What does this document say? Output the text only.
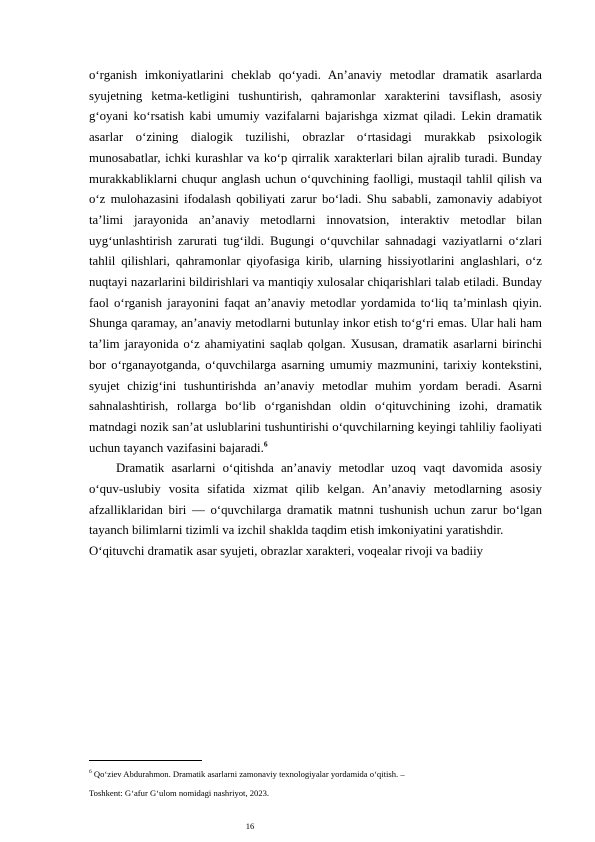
o‘rganish imkoniyatlarini cheklab qo‘yadi. An’anaviy metodlar dramatik asarlarda syujetning ketma-ketligini tushuntirish, qahramonlar xarakterini tavsiflash, asosiy g‘oyani ko‘rsatish kabi umumiy vazifalarni bajarishga xizmat qiladi. Lekin dramatik asarlar o‘zining dialogik tuzilishi, obrazlar o‘rtasidagi murakkab psixologik munosabatlar, ichki kurashlar va ko‘p qirralik xarakterlari bilan ajralib turadi. Bunday murakkabliklarni chuqur anglash uchun o‘quvchining faolligi, mustaqil tahlil qilish va o‘z mulohazasini ifodalash qobiliyati zarur bo‘ladi. Shu sababli, zamonaviy adabiyot ta’limi jarayonida an’anaviy metodlarni innovatsion, interaktiv metodlar bilan uyg‘unlashtirish zarurati tug‘ildi. Bugungi o‘quvchilar sahnadagi vaziyatlarni o‘zlari tahlil qilishlari, qahramonlar qiyofasiga kirib, ularning hissiyotlarini anglashlari, o‘z nuqtayi nazarlarini bildirishlari va mantiqiy xulosalar chiqarishlari talab etiladi. Bunday faol o‘rganish jarayonini faqat an’anaviy metodlar yordamida to‘liq ta’minlash qiyin. Shunga qaramay, an’anaviy metodlarni butunlay inkor etish to‘g‘ri emas. Ular hali ham ta’lim jarayonida o‘z ahamiyatini saqlab qolgan. Xususan, dramatik asarlarni birinchi bor o‘rganayotganda, o‘quvchilarga asarning umumiy mazmunini, tarixiy kontekstini, syujet chizig‘ini tushuntirishda an’anaviy metodlar muhim yordam beradi. Asarni sahnalashtirish, rollarga bo‘lib o‘rganishdan oldin o‘qituvchining izohi, dramatik matndagi nozik san’at uslublarini tushuntirishi o‘quvchilarning keyingi tahliliy faoliyati uchun tayanch vazifasini bajaradi.$^6$

Dramatik asarlarni o‘qitishda an’anaviy metodlar uzoq vaqt davomida asosiy o‘quv-uslubiy vosita sifatida xizmat qilib kelgan. An’anaviy metodlarning asosiy afzalliklaridan biri — o‘quvchilarga dramatik matnni tushunish uchun zarur bo‘lgan tayanch bilimlarni tizimli va izchil shaklda taqdim etish imkoniyatini yaratishdir.

O‘qituvchi dramatik asar syujeti, obrazlar xarakteri, voqealar rivoji va badiiy

$^6$ Qo‘ziev Abdurahmon. Dramatik asarlarni zamonaviy texnologiyalar yordamida o‘qitish. –
Toshkent: G‘afur G‘ulom nomidagi nashriyot, 2023.
16
